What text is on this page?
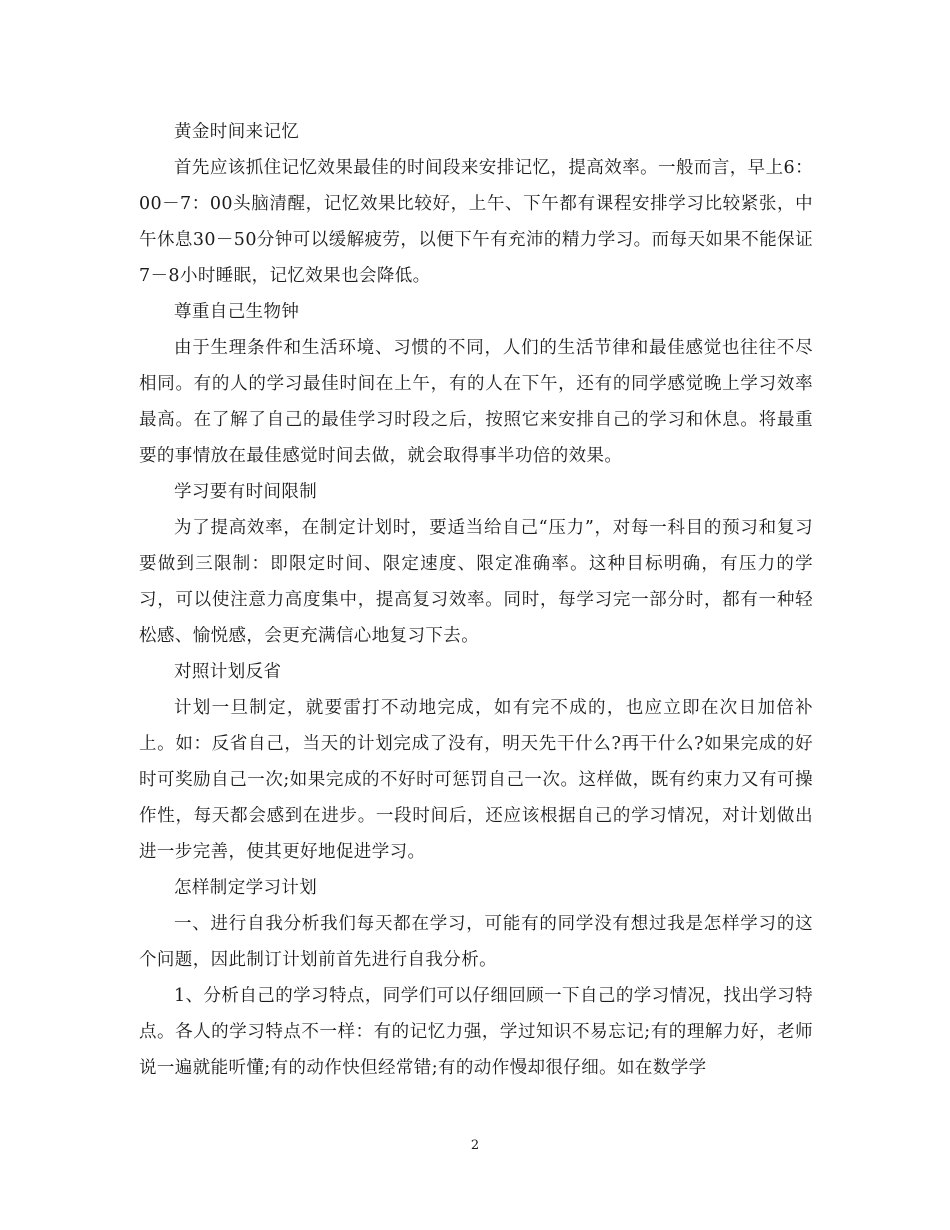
黄金时间来记忆

首先应该抓住记忆效果最佳的时间段来安排记忆，提高效率。一般而言，早上6：00－7：00头脑清醒，记忆效果比较好，上午、下午都有课程安排学习比较紧张，中午休息30－50分钟可以缓解疲劳，以便下午有充沛的精力学习。而每天如果不能保证7－8小时睡眠，记忆效果也会降低。

尊重自己生物钟

由于生理条件和生活环境、习惯的不同，人们的生活节律和最佳感觉也往往不尽相同。有的人的学习最佳时间在上午，有的人在下午，还有的同学感觉晚上学习效率最高。在了解了自己的最佳学习时段之后，按照它来安排自己的学习和休息。将最重要的事情放在最佳感觉时间去做，就会取得事半功倍的效果。

学习要有时间限制

为了提高效率，在制定计划时，要适当给自己“压力”，对每一科目的预习和复习要做到三限制：即限定时间、限定速度、限定准确率。这种目标明确，有压力的学习，可以使注意力高度集中，提高复习效率。同时，每学习完一部分时，都有一种轻松感、愉悦感，会更充满信心地复习下去。

对照计划反省

计划一旦制定，就要雷打不动地完成，如有完不成的，也应立即在次日加倍补上。如：反省自己，当天的计划完成了没有，明天先干什么?再干什么?如果完成的好时可奖励自己一次;如果完成的不好时可惩罚自己一次。这样做，既有约束力又有可操作性，每天都会感到在进步。一段时间后，还应该根据自己的学习情况，对计划做出进一步完善，使其更好地促进学习。

怎样制定学习计划

一、进行自我分析我们每天都在学习，可能有的同学没有想过我是怎样学习的这个问题，因此制订计划前首先进行自我分析。

1、分析自己的学习特点，同学们可以仔细回顾一下自己的学习情况，找出学习特点。各人的学习特点不一样：有的记忆力强，学过知识不易忘记;有的理解力好，老师说一遍就能听懂;有的动作快但经常错;有的动作慢却很仔细。如在数学学

2
